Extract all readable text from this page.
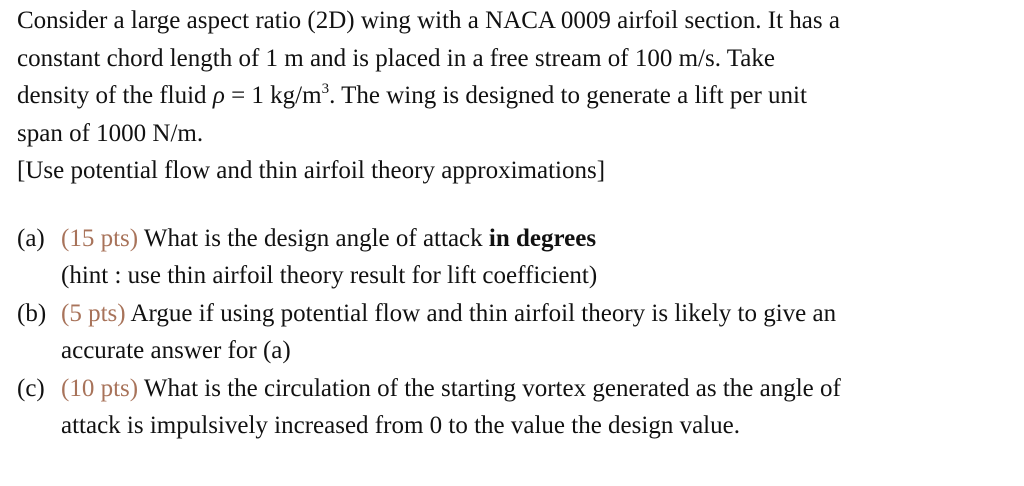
Consider a large aspect ratio (2D) wing with a NACA 0009 airfoil section. It has a
constant chord length of 1 m and is placed in a free stream of 100 m/s. Take
density of the fluid ρ = 1 $kg/m^3$. The wing is designed to generate a lift per unit
span of 1000 N/m.
[Use potential flow and thin airfoil theory approximations]
(a) (15 pts) What is the design angle of attack in degrees
(hint : use thin airfoil theory result for lift coefficient)
(b) (5 pts) Argue if using potential flow and thin airfoil theory is likely to give an
accurate answer for (a)
(c) (10 pts) What is the circulation of the starting vortex generated as the angle of
attack is impulsively increased from 0 to the value the design value.
